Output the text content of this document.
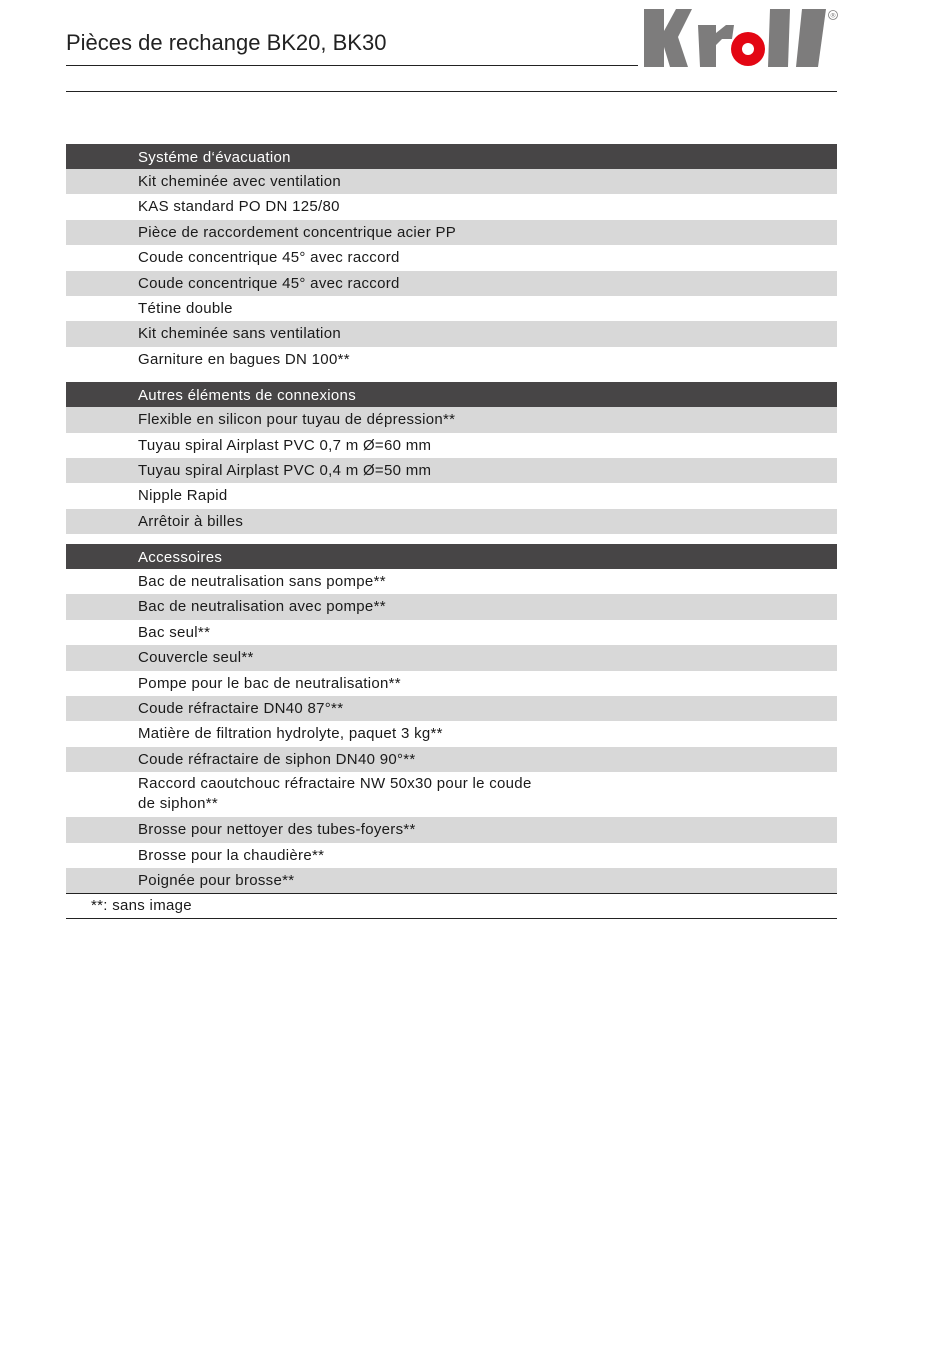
Pièces de rechange BK20, BK30
®
Systéme d‘évacuation
Kit cheminée avec ventilation
KAS standard PO DN 125/80
Pièce de raccordement concentrique acier PP
Coude concentrique 45° avec raccord
Coude concentrique 45° avec raccord
Tétine double
Kit cheminée sans ventilation
Garniture en bagues DN 100**
Autres éléments de connexions
Flexible en silicon pour tuyau de dépression**
Tuyau spiral Airplast PVC 0,7 m Ø=60 mm
Tuyau spiral Airplast PVC 0,4 m Ø=50 mm
Nipple Rapid
Arrêtoir à billes
Accessoires
Bac de neutralisation sans pompe**
Bac de neutralisation avec pompe**
Bac seul**
Couvercle seul**
Pompe pour le bac de neutralisation**
Coude réfractaire DN40 87°**
Matière de filtration hydrolyte, paquet 3 kg**
Coude réfractaire de siphon DN40 90°**
Raccord caoutchouc réfractaire NW 50x30 pour le coude de siphon**
Brosse pour nettoyer des tubes-foyers**
Brosse pour la chaudière**
Poignée pour brosse**
**: sans image
